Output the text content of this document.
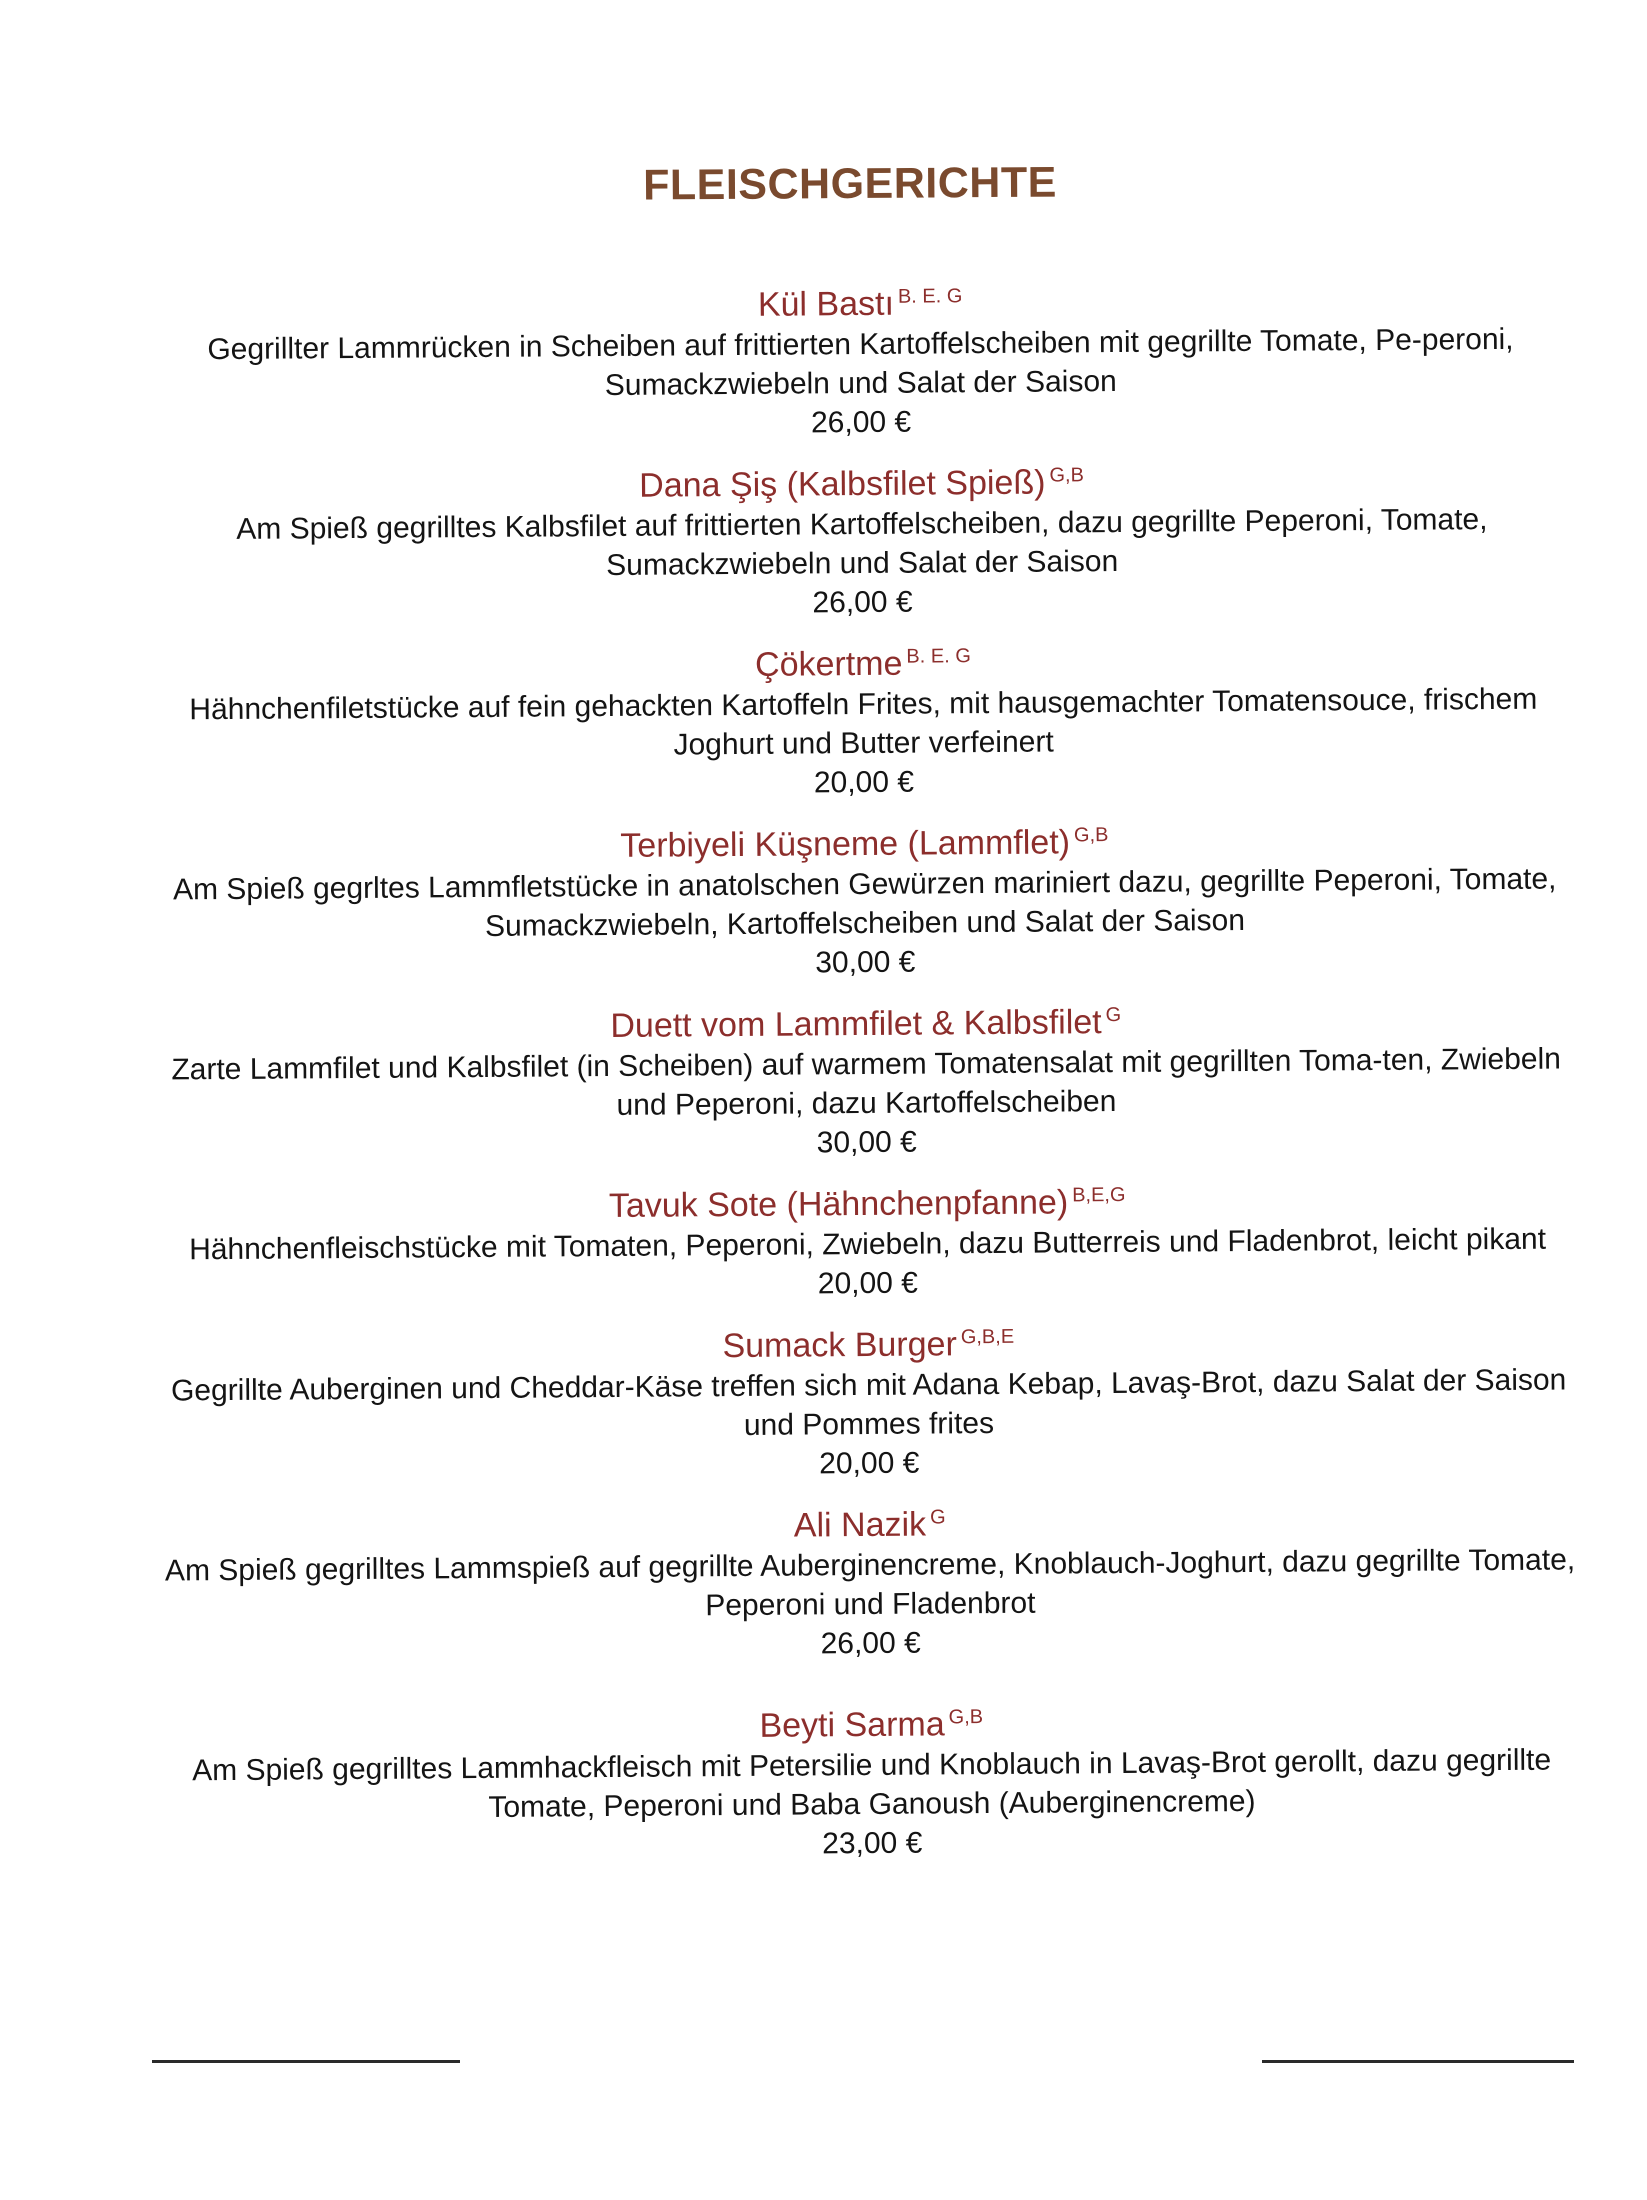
FLEISCHGERICHTE
Kül Bastı $^{B. E. G}$
Gegrillter Lammrücken in Scheiben auf frittierten Kartoffelscheiben mit gegrillte Tomate, Pe-peroni, Sumackzwiebeln und Salat der Saison
26,00 €
Dana Şiş (Kalbsfilet Spieß) $^{G,B}$
Am Spieß gegrilltes Kalbsfilet auf frittierten Kartoffelscheiben, dazu gegrillte Peperoni, Tomate, Sumackzwiebeln und Salat der Saison
26,00 €
Çökertme $^{B. E. G}$
Hähnchenfiletstücke auf fein gehackten Kartoffeln Frites, mit hausgemachter Tomatensouce, frischem Joghurt und Butter verfeinert
20,00 €
Terbiyeli Küşneme (Lammflet) $^{G,B}$
Am Spieß gegrltes Lammfletstücke in anatolschen Gewürzen mariniert dazu, gegrillte Peperoni, Tomate, Sumackzwiebeln, Kartoffelscheiben und Salat der Saison
30,00 €
Duett vom Lammfilet & Kalbsfilet $^G$
Zarte Lammfilet und Kalbsfilet (in Scheiben) auf warmem Tomatensalat mit gegrillten Toma-ten, Zwiebeln und Peperoni, dazu Kartoffelscheiben
30,00 €
Tavuk Sote (Hähnchenpfanne) $^{B,E,G}$
Hähnchenfleischstücke mit Tomaten, Peperoni, Zwiebeln, dazu Butterreis und Fladenbrot, leicht pikant
20,00 €
Sumack Burger $^{G,B,E}$
Gegrillte Auberginen und Cheddar-Käse treffen sich mit Adana Kebap, Lavaş-Brot, dazu Salat der Saison und Pommes frites
20,00 €
Ali Nazik $^G$
Am Spieß gegrilltes Lammspieß auf gegrillte Auberginencreme, Knoblauch-Joghurt, dazu gegrillte Tomate, Peperoni und Fladenbrot
26,00 €
Beyti Sarma $^{G,B}$
Am Spieß gegrilltes Lammhackfleisch mit Petersilie und Knoblauch in Lavaş-Brot gerollt, dazu gegrillte Tomate, Peperoni und Baba Ganoush (Auberginencreme)
23,00 €
